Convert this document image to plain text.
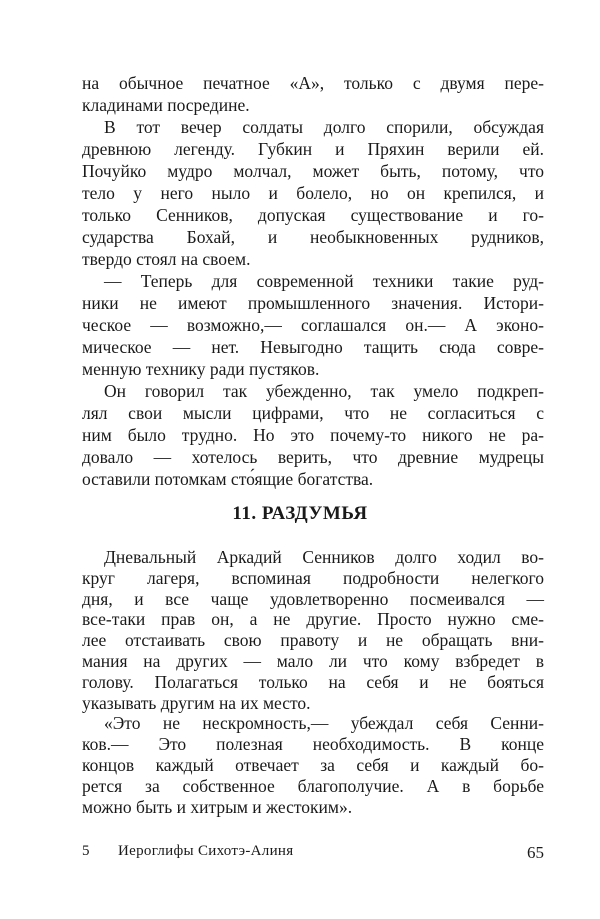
на обычное печатное «А», только с двумя пере-
кладинами посредине.
В тот вечер солдаты долго спорили, обсуждая
древнюю легенду. Губкин и Пряхин верили ей.
Почуйко мудро молчал, может быть, потому, что
тело у него ныло и болело, но он крепился, и
только Сенников, допуская существование и го-
сударства Бохай, и необыкновенных рудников,
твердо стоял на своем.
— Теперь для современной техники такие руд-
ники не имеют промышленного значения. Истори-
ческое — возможно,— соглашался он.— А эконо-
мическое — нет. Невыгодно тащить сюда совре-
менную технику ради пустяков.
Он говорил так убежденно, так умело подкреп-
лял свои мысли цифрами, что не согласиться с
ним было трудно. Но это почему-то никого не ра-
довало — хотелось верить, что древние мудрецы
оставили потомкам сто́ящие богатства.
11. РАЗДУМЬЯ
Дневальный Аркадий Сенников долго ходил во-
круг лагеря, вспоминая подробности нелегкого
дня, и все чаще удовлетворенно посмеивался —
все-таки прав он, а не другие. Просто нужно сме-
лее отстаивать свою правоту и не обращать вни-
мания на других — мало ли что кому взбредет в
голову. Полагаться только на себя и не бояться
указывать другим на их место.
«Это не нескромность,— убеждал себя Сенни-
ков.— Это полезная необходимость. В конце
концов каждый отвечает за себя и каждый бо-
рется за собственное благополучие. А в борьбе
можно быть и хитрым и жестоким».
5 Иероглифы Сихотэ-Алиня	65
